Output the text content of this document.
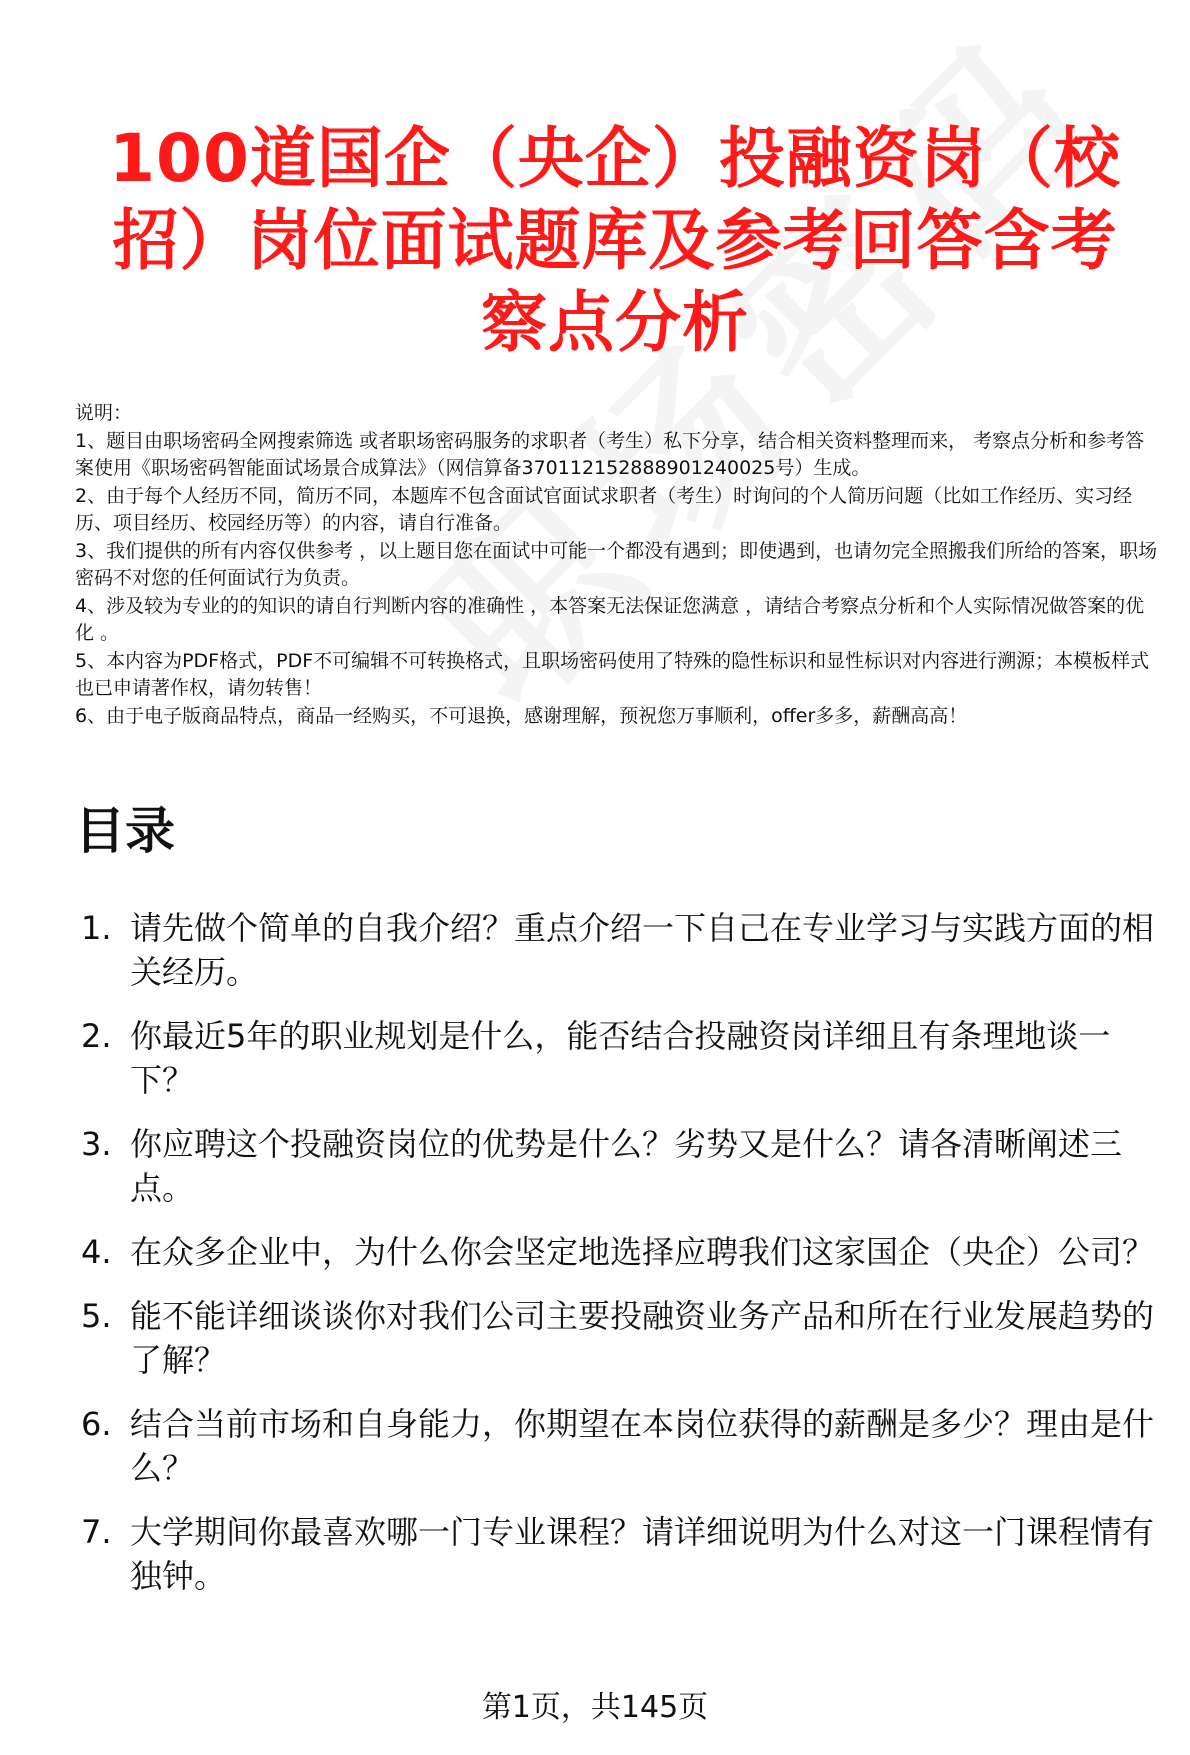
100道国企（央企）投融资岗（校招）岗位面试题库及参考回答含考察点分析

说明：

1、题目由职场密码全网搜索筛选 或者职场密码服务的求职者（考生）私下分享，结合相关资料整理而来， 考察点分析和参考答案使用《职场密码智能面试场景合成算法》（网信算备370112152888901240025号）生成。

2、由于每个人经历不同，简历不同，本题库不包含面试官面试求职者（考生）时询问的个人简历问题（比如工作经历、实习经历、项目经历、校园经历等）的内容，请自行准备。

3、我们提供的所有内容仅供参考 ，以上题目您在面试中可能一个都没有遇到；即使遇到，也请勿完全照搬我们所给的答案，职场密码不对您的任何面试行为负责。

4、涉及较为专业的的知识的请自行判断内容的准确性 ，本答案无法保证您满意 ，请结合考察点分析和个人实际情况做答案的优化 。

5、本内容为PDF格式，PDF不可编辑不可转换格式，且职场密码使用了特殊的隐性标识和显性标识对内容进行溯源；本模板样式也已申请著作权，请勿转售！

6、由于电子版商品特点，商品一经购买，不可退换，感谢理解，预祝您万事顺利，offer多多，薪酬高高！

目录
1. 请先做个简单的自我介绍？重点介绍一下自己在专业学习与实践方面的相关经历。
2. 你最近5年的职业规划是什么，能否结合投融资岗详细且有条理地谈一下？
3. 你应聘这个投融资岗位的优势是什么？劣势又是什么？请各清晰阐述三点。
4. 在众多企业中，为什么你会坚定地选择应聘我们这家国企（央企）公司？
5. 能不能详细谈谈你对我们公司主要投融资业务产品和所在行业发展趋势的了解？
6. 结合当前市场和自身能力，你期望在本岗位获得的薪酬是多少？理由是什么？
7. 大学期间你最喜欢哪一门专业课程？请详细说明为什么对这一门课程情有独钟。
第1页，共145页
